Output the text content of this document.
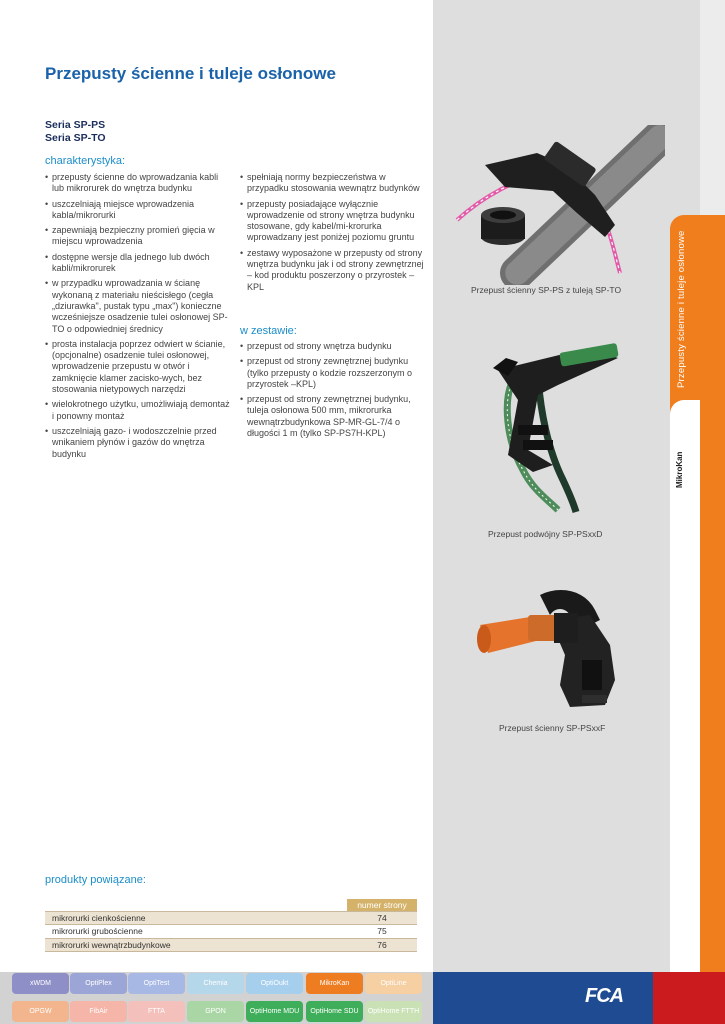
Przepusty ścienne i tuleje osłonowe
MikroKan
Przepusty ścienne i tuleje osłonowe
Seria SP-PS
Seria SP-TO
charakterystyka:
• przepusty ścienne do wprowadzania kabli lub mikrorurek do wnętrza budynku
• uszczelniają miejsce wprowadzenia kabla/mikrorurki
• zapewniają bezpieczny promień gięcia w miejscu wprowadzenia
• dostępne wersje dla jednego lub dwóch kabli/mikrorurek
• w przypadku wprowadzania w ścianę wykonaną z materiału nieścisłego (cegła „dziurawka", pustak typu „max") konieczne wcześniejsze osadzenie tulei osłonowej SP-TO o odpowiedniej średnicy
• prosta instalacja poprzez odwiert w ścianie, (opcjonalne) osadzenie tulei osłonowej, wprowadzenie przepustu w otwór i zamknięcie klamer zacisko-wych, bez stosowania nietypowych narzędzi
• wielokrotnego użytku, umożliwiają demontaż i ponowny montaż
• uszczelniają gazo- i wodoszczelnie przed wnikaniem płynów i gazów do wnętrza budynku
• spełniają normy bezpieczeństwa w przypadku stosowania wewnątrz budynków
• przepusty posiadające wyłącznie wprowadzenie od strony wnętrza budynku stosowane, gdy kabel/mi-krorurka wprowadzany jest poniżej poziomu gruntu
• zestawy wyposażone w przepusty od strony wnętrza budynku jak i od strony zewnętrznej – kod produktu poszerzony o przyrostek –KPL
w zestawie:
• przepust od strony wnętrza budynku
• przepust od strony zewnętrznej budynku (tylko przepusty o kodzie rozszerzonym o przyrostek –KPL)
• przepust od strony zewnętrznej budynku, tuleja osłonowa 500 mm, mikrorurka wewnątrzbudynkowa SP-MR-GL-7/4 o długości 1 m (tylko SP-PS7H-KPL)
Przepust ścienny SP-PS z tuleją SP-TO
Przepust podwójny SP-PSxxD
Przepust ścienny SP-PSxxF
produkty powiązane:
	numer strony
mikrorurki cienkościenne	74
mikrorurki grubościenne	75
mikrorurki wewnątrzbudynkowe	76
FCA
xWDM	OptiPlex	OptiTest	Chemia	OptiOukt	MikroKan	OptiLine
OPGW	FibAir	FTTA	GPON	OptiHome MDU	OptiHome SDU	OptiHome FTTH
